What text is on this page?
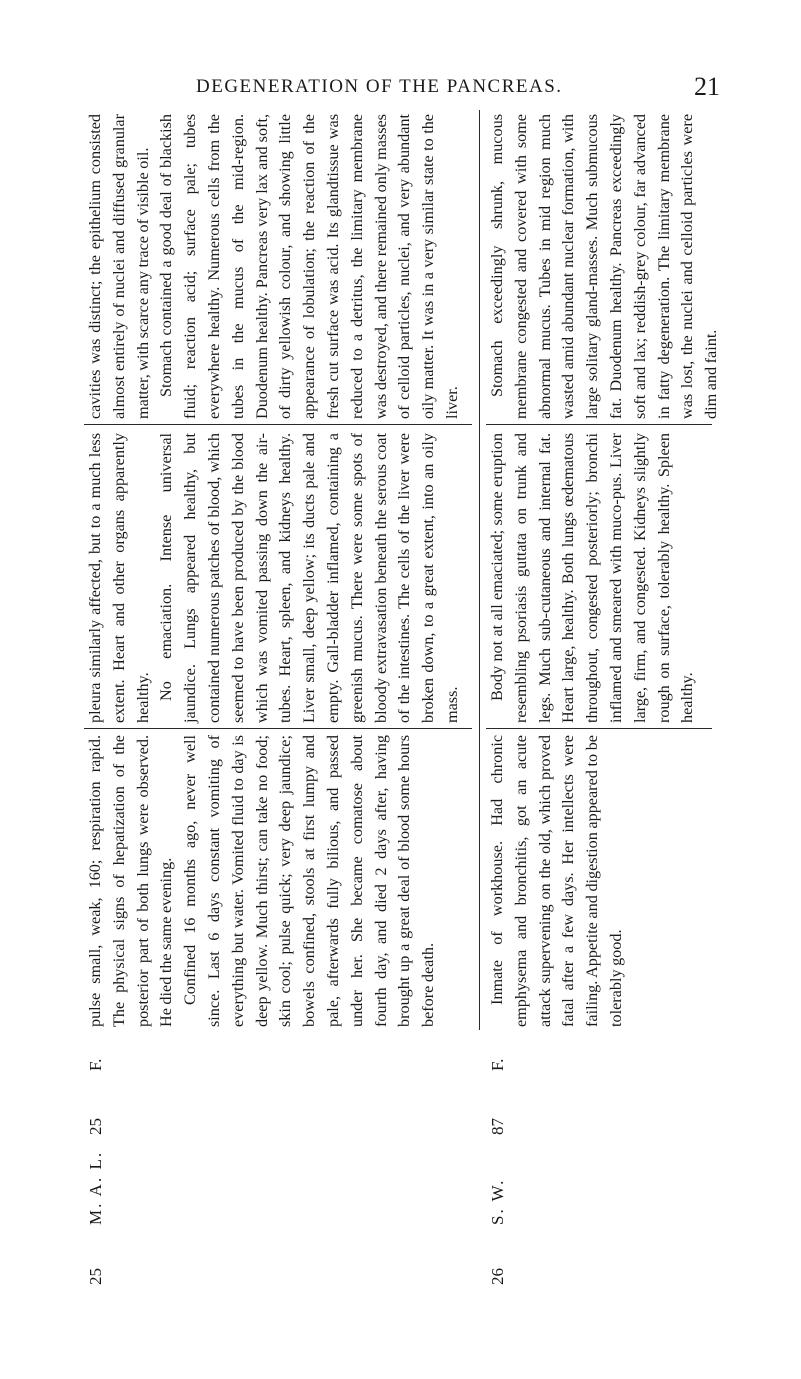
DEGENERATION OF THE PANCREAS.	21
25
M. A. L.
25
F.

pulse small, weak, 160; respiration rapid. The physical signs of hepatization of the posterior part of both lungs were observed. He died the same evening. Confined 16 months ago, never well since. Last 6 days constant vomiting of everything but water. Vomited fluid to day is deep yellow. Much thirst; can take no food; skin cool; pulse quick; very deep jaundice; bowels confined, stools at first lumpy and pale, afterwards fully bilious, and passed under her. She became comatose about fourth day, and died 2 days after, having brought up a great deal of blood some hours before death.

pleura similarly affected, but to a much less extent. Heart and other organs apparently healthy. No emaciation. Intense universal jaundice. Lungs appeared healthy, but contained numerous patches of blood, which seemed to have been produced by the blood which was vomited passing down the air-tubes. Heart, spleen, and kidneys healthy. Liver small, deep yellow; its ducts pale and empty. Gall-bladder inflamed, containing a greenish mucus. There were some spots of bloody extravasation beneath the serous coat of the intestines. The cells of the liver were broken down, to a great extent, into an oily mass.

cavities was distinct; the epithelium consisted almost entirely of nuclei and diffused granular matter, with scarce any trace of visible oil. Stomach contained a good deal of blackish fluid; reaction acid; surface pale; tubes everywhere healthy. Numerous cells from the tubes in the mucus of the mid-region. Duodenum healthy. Pancreas very lax and soft, of dirty yellowish colour, and showing little appearance of lobulation; the reaction of the fresh cut surface was acid. Its glandtissue was reduced to a detritus, the limitary membrane was destroyed, and there remained only masses of celloid particles, nuclei, and very abundant oily matter. It was in a very similar state to the liver.

26
S. W.
87
F.

Inmate of workhouse. Had chronic emphysema and bronchitis, got an acute attack supervening on the old, which proved fatal after a few days. Her intellects were failing. Appetite and digestion appeared to be tolerably good.

Body not at all emaciated; some eruption resembling psoriasis guttata on trunk and legs. Much sub-cutaneous and internal fat. Heart large, healthy. Both lungs œdematous throughout, congested posteriorly; bronchi inflamed and smeared with muco-pus. Liver large, firm, and congested. Kidneys slightly rough on surface, tolerably healthy. Spleen healthy.

Stomach exceedingly shrunk, mucous membrane congested and covered with some abnormal mucus. Tubes in mid region much wasted amid abundant nuclear formation, with large solitary gland-masses. Much submucous fat. Duodenum healthy. Pancreas exceedingly soft and lax; reddish-grey colour, far advanced in fatty degeneration. The limitary membrane was lost, the nuclei and celloid particles were dim and faint.
